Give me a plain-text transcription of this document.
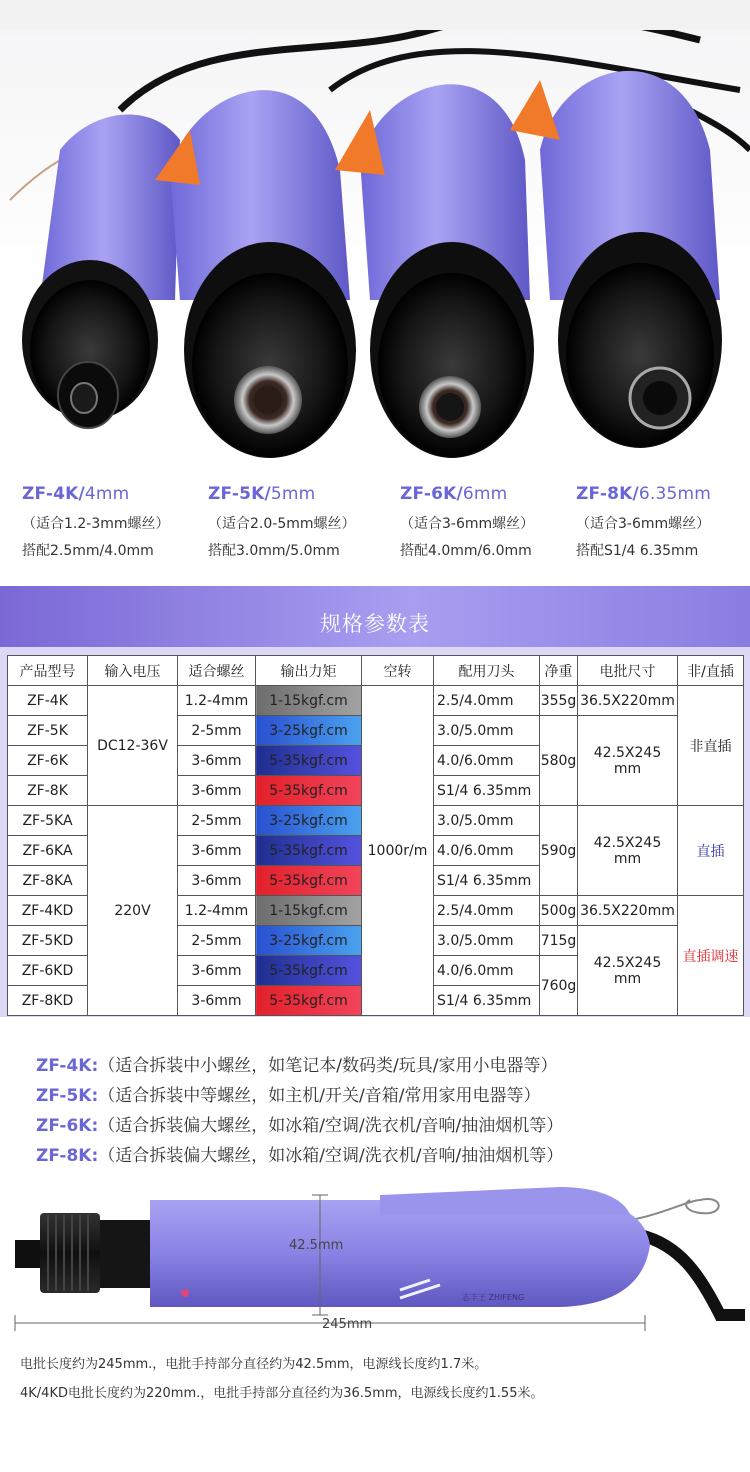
ZF-4K/4mm
（适合1.2-3mm螺丝）
搭配2.5mm/4.0mm
ZF-5K/5mm
（适合2.0-5mm螺丝）
搭配3.0mm/5.0mm
ZF-6K/6mm
（适合3-6mm螺丝）
搭配4.0mm/6.0mm
ZF-8K/6.35mm
（适合3-6mm螺丝）
搭配S1/4 6.35mm
规格参数表
产品型号	输入电压	适合螺丝	输出力矩	空转	配用刀头	净重	电批尺寸	非/直插
ZF-4K	DC12-36V	1.2-4mm	1-15kgf.cm	1000r/m	2.5/4.0mm	355g	36.5X220mm	非直插
ZF-5K		2-5mm	3-25kgf.cm		3.0/5.0mm	580g	42.5X245 mm	
ZF-6K		3-6mm	5-35kgf.cm		4.0/6.0mm			
ZF-8K		3-6mm	5-35kgf.cm		S1/4 6.35mm			
ZF-5KA	220V	2-5mm	3-25kgf.cm		3.0/5.0mm	590g	42.5X245 mm	直插
ZF-6KA		3-6mm	5-35kgf.cm		4.0/6.0mm			
ZF-8KA		3-6mm	5-35kgf.cm		S1/4 6.35mm			
ZF-4KD		1.2-4mm	1-15kgf.cm		2.5/4.0mm	500g	36.5X220mm	直插调速
ZF-5KD		2-5mm	3-25kgf.cm		3.0/5.0mm	715g	42.5X245 mm	
ZF-6KD		3-6mm	5-35kgf.cm		4.0/6.0mm	760g		
ZF-8KD		3-6mm	5-35kgf.cm		S1/4 6.35mm			
ZF-4K:（适合拆装中小螺丝，如笔记本/数码类/玩具/家用小电器等）
ZF-5K:（适合拆装中等螺丝，如主机/开关/音箱/常用家用电器等）
ZF-6K:（适合拆装偏大螺丝，如冰箱/空调/洗衣机/音响/抽油烟机等）
ZF-8K:（适合拆装偏大螺丝，如冰箱/空调/洗衣机/音响/抽油烟机等）
志丰王 ZHIFENG
42.5mm
245mm
电批长度约为245mm.，电批手持部分直径约为42.5mm，电源线长度约1.7米。
4K/4KD电批长度约为220mm.，电批手持部分直径约为36.5mm，电源线长度约1.55米。
